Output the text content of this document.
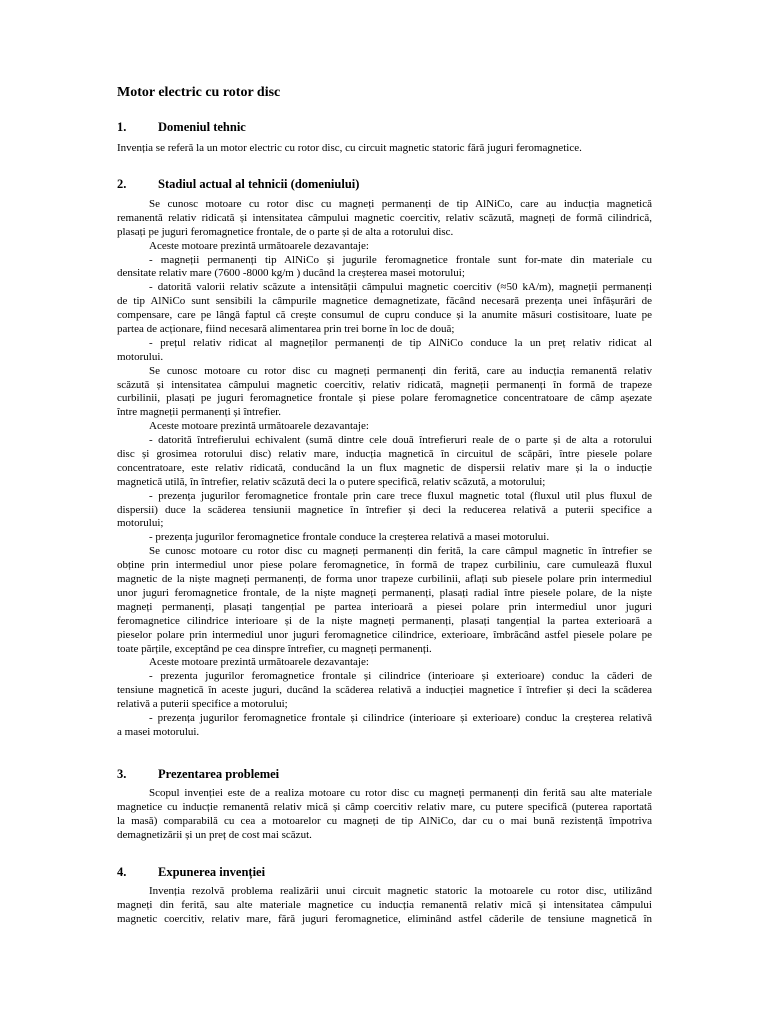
Motor electric cu rotor disc
1.	Domeniul tehnic
Invenția se referă la un motor electric cu rotor disc, cu circuit magnetic statoric fără juguri feromagnetice.
2.	Stadiul actual al tehnicii (domeniului)
Se cunosc motoare cu rotor disc cu magneți permanenți de tip AlNiCo, care au inducția magnetică
remanentă relativ ridicată și intensitatea câmpului magnetic coercitiv, relativ scăzută, magneți de formă cilindrică,
plasați pe juguri feromagnetice frontale, de o parte și de alta a rotorului disc.
Aceste motoare prezintă următoarele dezavantaje:
- magneții permanenți tip AlNiCo și jugurile feromagnetice frontale sunt for-mate din materiale cu
densitate relativ mare (7600 -8000 kg/m ) ducând la creșterea masei motorului;
- datorită valorii relativ scăzute a intensității câmpului magnetic coercitiv (≈50 kA/m), magneții permanenți
de tip AlNiCo sunt sensibili la câmpurile magnetice demagnetizate, făcând necesară prezența unei înfășurări de
compensare, care pe lângă faptul că crește consumul de cupru conduce și la anumite măsuri costisitoare, luate pe
partea de acționare, fiind necesară alimentarea prin trei borne în loc de două;
- prețul relativ ridicat al magneților permanenți de tip AlNiCo conduce la un preț relativ ridicat al
motorului.
Se cunosc motoare cu rotor disc cu magneți permanenți din ferită, care au inducția remanentă relativ
scăzută și intensitatea câmpului magnetic coercitiv, relativ ridicată, magneții permanenți în formă de trapeze
curbilinii, plasați pe juguri feromagnetice frontale și piese polare feromagnetice concentratoare de câmp așezate
între magneții permanenți și întrefier.
Aceste motoare prezintă următoarele dezavantaje:
- datorită întrefierului echivalent (sumă dintre cele două întrefieruri reale de o parte și de alta a rotorului
disc și grosimea rotorului disc) relativ mare, inducția magnetică în circuitul de scăpări, între piesele polare
concentratoare, este relativ ridicată, conducând la un flux magnetic de dispersii relativ mare și la o inducție
magnetică utilă, în întrefier, relativ scăzută deci la o putere specifică, relativ scăzută, a motorului;
- prezența jugurilor feromagnetice frontale prin care trece fluxul magnetic total (fluxul util plus fluxul de
dispersii) duce la scăderea tensiunii magnetice în întrefier și deci la reducerea relativă a puterii specifice a
motorului;
- prezența jugurilor feromagnetice frontale conduce la creșterea relativă a masei motorului.
Se cunosc motoare cu rotor disc cu magneți permanenți din ferită, la care câmpul magnetic în întrefier se
obține prin intermediul unor piese polare feromagnetice, în formă de trapez curbiliniu, care cumulează fluxul
magnetic de la niște magneți permanenți, de forma unor trapeze curbilinii, aflați sub piesele polare prin intermediul
unor juguri feromagnetice frontale, de la niște magneți permanenți, plasați radial între piesele polare, de la niște
magneți permanenți, plasați tangențial pe partea interioară a piesei polare prin intermediul unor juguri
feromagnetice cilindrice interioare și de la niște magneți permanenți, plasați tangențial la partea exterioară a
pieselor polare prin intermediul unor juguri feromagnetice cilindrice, exterioare, îmbrăcând astfel piesele polare pe
toate părțile, exceptând pe cea dinspre întrefier, cu magneți permanenți.
Aceste motoare prezintă următoarele dezavantaje:
- prezenta jugurilor feromagnetice frontale și cilindrice (interioare și exterioare) conduc la căderi de
tensiune magnetică în aceste juguri, ducând la scăderea relativă a inducției magnetice î întrefier și deci la scăderea
relativă a puterii specifice a motorului;
- prezența jugurilor feromagnetice frontale și cilindrice (interioare și exterioare) conduc la creșterea relativă
a masei motorului.
3.	Prezentarea problemei
Scopul invenției este de a realiza motoare cu rotor disc cu magneți permanenți din ferită sau alte materiale
magnetice cu inducție remanentă relativ mică și câmp coercitiv relativ mare, cu putere specifică (puterea raportată
la masă) comparabilă cu cea a motoarelor cu magneți de tip AlNiCo, dar cu o mai bună rezistență împotriva
demagnetizării și un preț de cost mai scăzut.
4.	Expunerea invenției
Invenția rezolvă problema realizării unui circuit magnetic statoric la motoarele cu rotor disc, utilizând
magneți din ferită, sau alte materiale magnetice cu inducția remanentă relativ mică și intensitatea câmpului
magnetic coercitiv, relativ mare, fără juguri feromagnetice, eliminând astfel căderile de tensiune magnetică în
